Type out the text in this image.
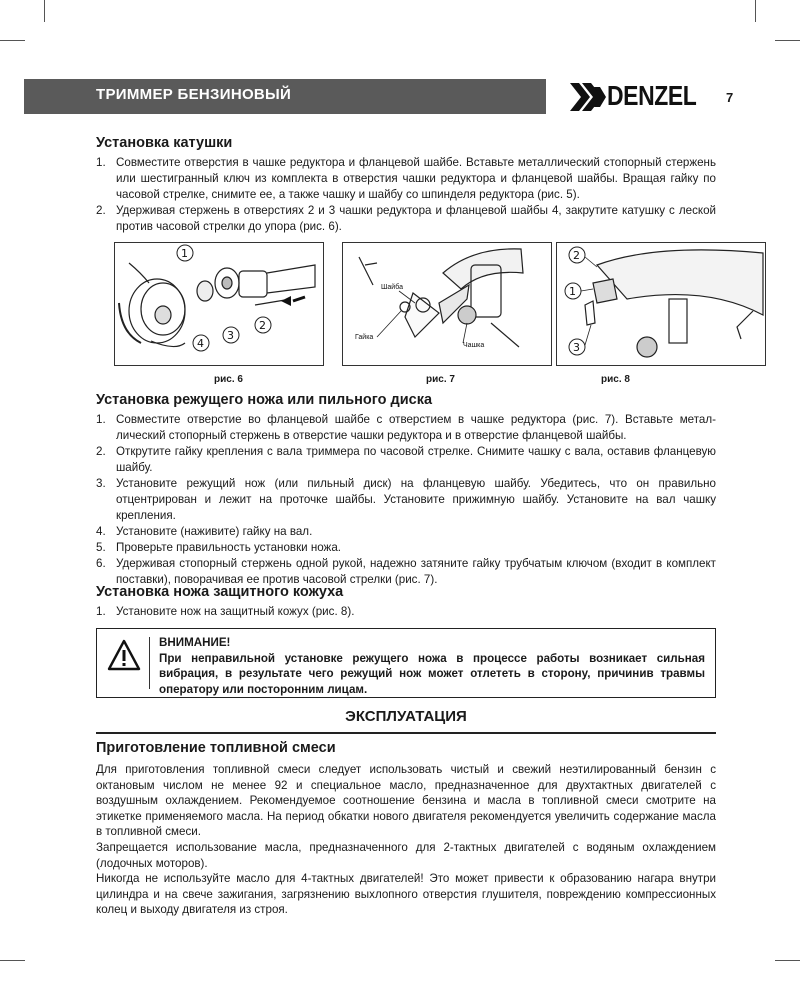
ТРИММЕР БЕНЗИНОВЫЙ	DENZEL 7
Установка катушки
1. Совместите отверстия в чашке редуктора и фланцевой шайбе. Вставьте металлический стопорный стержень или шестигранный ключ из комплекта в отверстия чашки редуктора и фланцевой шайбы. Вращая гайку по часовой стрелке, снимите ее, а также чашку и шайбу со шпинделя редуктора (рис. 5).
2. Удерживая стержень в отверстиях 2 и 3 чашки редуктора и фланцевой шайбы 4, закрутите катушку с леской против часовой стрелки до упора (рис. 6).
1
2
3
4
рис. 6
Шайба
Гайка
Чашка
рис. 7
2
1
3
рис. 8
Установка режущего ножа или пильного диска
1. Совместите отверстие во фланцевой шайбе с отверстием в чашке редуктора (рис. 7). Вставьте металлический стопорный стержень в отверстие чашки редуктора и в отверстие фланцевой шайбы.
2. Открутите гайку крепления с вала триммера по часовой стрелке. Снимите чашку с вала, оставив фланцевую шайбу.
3. Установите режущий нож (или пильный диск) на фланцевую шайбу. Убедитесь, что он правильно отцентрирован и лежит на проточке шайбы. Установите прижимную шайбу. Установите на вал чашку крепления.
4. Установите (наживите) гайку на вал.
5. Проверьте правильность установки ножа.
6. Удерживая стопорный стержень одной рукой, надежно затяните гайку трубчатым ключом (входит в комплект поставки), поворачивая ее против часовой стрелки (рис. 7).
Установка ножа защитного кожуха
1. Установите нож на защитный кожух (рис. 8).
ВНИМАНИЕ!
При неправильной установке режущего ножа в процессе работы возникает сильная вибрация, в результате чего режущий нож может отлететь в сторону, причинив травмы оператору или посторонним лицам.
ЭКСПЛУАТАЦИЯ
Приготовление топливной смеси

Для приготовления топливной смеси следует использовать чистый и свежий неэтилированный бензин с октановым числом не менее 92 и специальное масло, предназначенное для двухтактных двигателей с воздушным охлаждением. Рекомендуемое соотношение бензина и масла в топливной смеси смотрите на этикетке применяемого масла. На период обкатки нового двигателя рекомендуется увеличить содержание масла в топливной смеси.

Запрещается использование масла, предназначенного для 2-тактных двигателей с водяным охлаждением (лодочных моторов).

Никогда не используйте масло для 4-тактных двигателей! Это может привести к образованию нагара внутри цилиндра и на свече зажигания, загрязнению выхлопного отверстия глушителя, повреждению компрессионных колец и выходу двигателя из строя.
